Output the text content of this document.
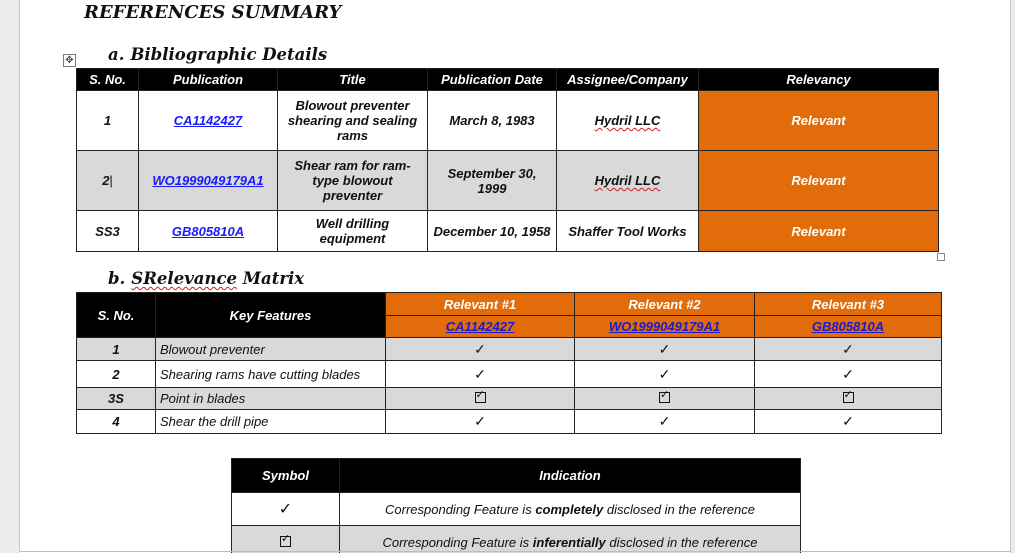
REFERENCES SUMMARY
✥ a. Bibliographic Details
S. No.	Publication	Title	Publication Date	Assignee/Company	Relevancy
1	CA1142427	Blowout preventer shearing and sealing rams	March 8, 1983	Hydril LLC	Relevant
2|	WO1999049179A1	Shear ram for ram-type blowout preventer	September 30, 1999	Hydril LLC	Relevant
SS3	GB805810A	Well drilling equipment	December 10, 1958	Shaffer Tool Works	Relevant
b. SRelevance Matrix
S. No.	Key Features	Relevant #1	Relevant #2	Relevant #3
		CA1142427	WO1999049179A1	GB805810A
1	Blowout preventer	✓	✓	✓
2	Shearing rams have cutting blades	✓	✓	✓
3S	Point in blades	✓	✓	✓
4	Shear the drill pipe	✓	✓	✓
Symbol	Indication
✓	Corresponding Feature is completely disclosed in the reference
✓	Corresponding Feature is inferentially disclosed in the reference
